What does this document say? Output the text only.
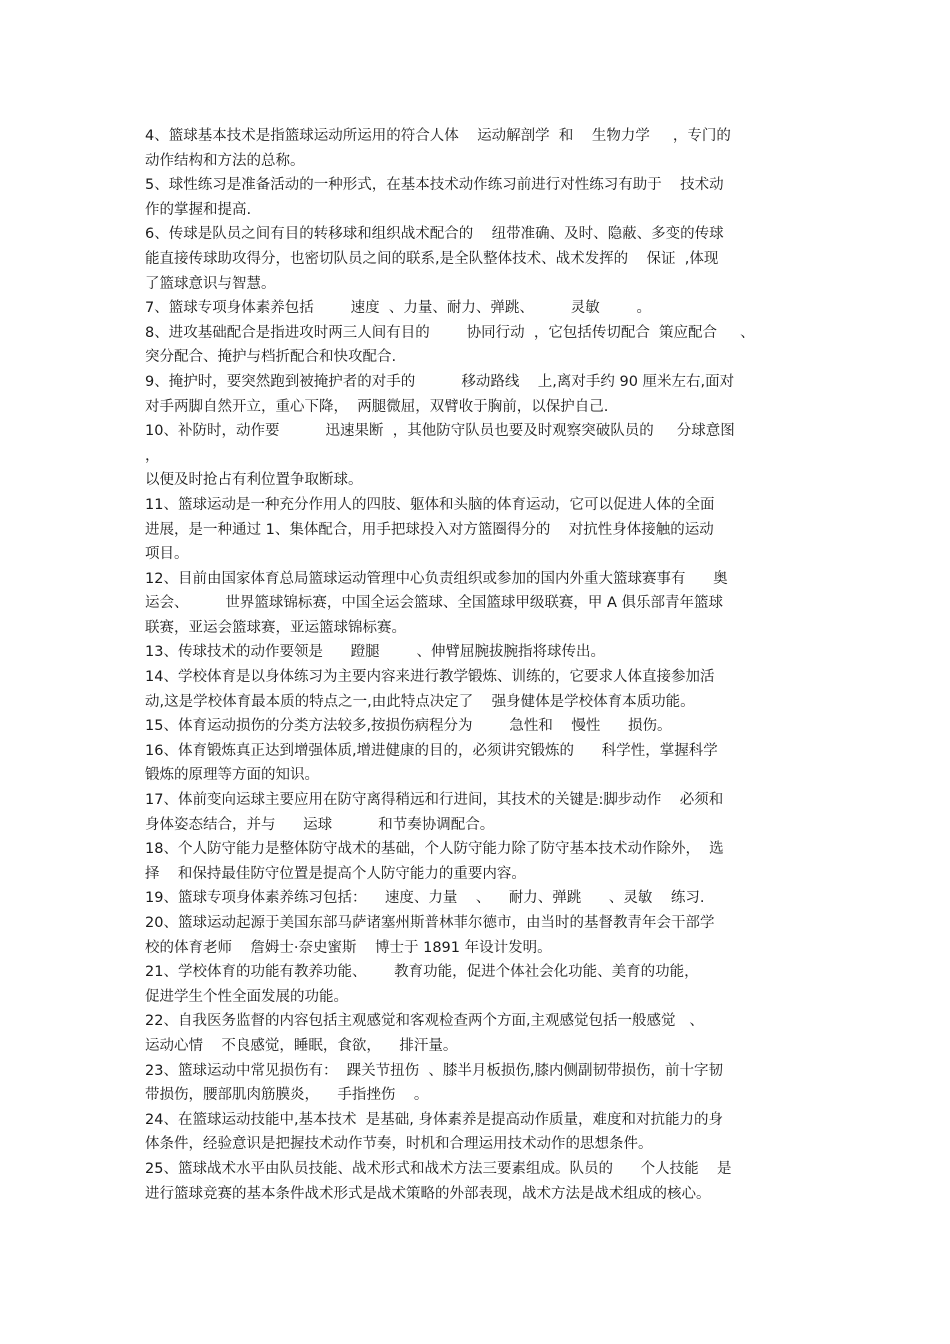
4、篮球基本技术是指篮球运动所运用的符合人体    运动解剖学  和    生物力学     ，专门的
动作结构和方法的总称。
5、球性练习是准备活动的一种形式，在基本技术动作练习前进行对性练习有助于    技术动
作的掌握和提高.
6、传球是队员之间有目的转移球和组织战术配合的    纽带准确、及时、隐蔽、多变的传球
能直接传球助攻得分，也密切队员之间的联系,是全队整体技术、战术发挥的    保证  ,体现
了篮球意识与智慧。
7、篮球专项身体素养包括        速度  、力量、耐力、弹跳、        灵敏        。
8、进攻基础配合是指进攻时两三人间有目的        协同行动  ，它包括传切配合  策应配合     、
突分配合、掩护与档折配合和快攻配合.
9、掩护时，要突然跑到被掩护者的对手的          移动路线    上,离对手约 90 厘米左右,面对
对手两脚自然开立，重心下降，  两腿微屈，双臂收于胸前，以保护自己.
10、补防时，动作要          迅速果断  ，其他防守队员也要及时观察突破队员的     分球意图
，
以便及时抢占有利位置争取断球。
11、篮球运动是一种充分作用人的四肢、躯体和头脑的体育运动，它可以促进人体的全面
进展，是一种通过 1、集体配合，用手把球投入对方篮圈得分的    对抗性身体接触的运动
项目。
12、目前由国家体育总局篮球运动管理中心负责组织或参加的国内外重大篮球赛事有      奥
运会、        世界篮球锦标赛，中国全运会篮球、全国篮球甲级联赛，甲 A 俱乐部青年篮球
联赛，亚运会篮球赛，亚运篮球锦标赛。
13、传球技术的动作要领是      蹬腿        、伸臂屈腕拔腕指将球传出。
14、学校体育是以身体练习为主要内容来进行教学锻炼、训练的，它要求人体直接参加活
动,这是学校体育最本质的特点之一,由此特点决定了    强身健体是学校体育本质功能。
15、体育运动损伤的分类方法较多,按损伤病程分为        急性和    慢性      损伤。
16、体育锻炼真正达到增强体质,增进健康的目的，必须讲究锻炼的      科学性，掌握科学
锻炼的原理等方面的知识。
17、体前变向运球主要应用在防守离得稍远和行进间，其技术的关键是:脚步动作    必须和
身体姿态结合，并与      运球          和节奏协调配合。
18、个人防守能力是整体防守战术的基础，个人防守能力除了防守基本技术动作除外，  选
择    和保持最佳防守位置是提高个人防守能力的重要内容。
19、篮球专项身体素养练习包括：    速度、力量    、    耐力、弹跳      、灵敏    练习.
20、篮球运动起源于美国东部马萨诸塞州斯普林菲尔德市，由当时的基督教青年会干部学
校的体育老师    詹姆士·奈史蜜斯    博士于 1891 年设计发明。
21、学校体育的功能有教养功能、      教育功能，促进个体社会化功能、美育的功能，
促进学生个性全面发展的功能。
22、自我医务监督的内容包括主观感觉和客观检查两个方面,主观感觉包括一般感觉   、
运动心情    不良感觉，睡眠，食欲，    排汗量。
23、篮球运动中常见损伤有：  踝关节扭伤  、膝半月板损伤,膝内侧副韧带损伤，前十字韧
带损伤，腰部肌肉筋膜炎，    手指挫伤    。
24、在篮球运动技能中,基本技术  是基础, 身体素养是提高动作质量，难度和对抗能力的身
体条件，经验意识是把握技术动作节奏，时机和合理运用技术动作的思想条件。
25、篮球战术水平由队员技能、战术形式和战术方法三要素组成。队员的      个人技能    是
进行篮球竞赛的基本条件战术形式是战术策略的外部表现，战术方法是战术组成的核心。
